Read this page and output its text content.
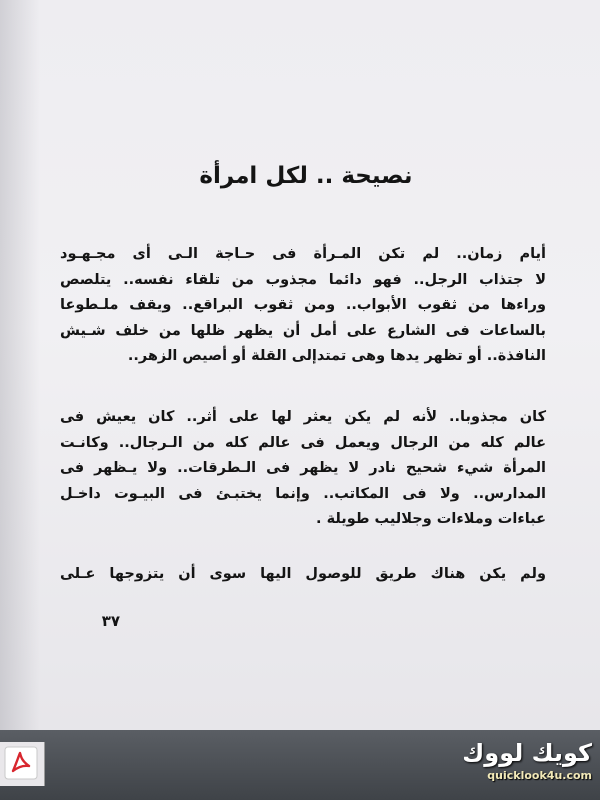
نصيحة .. لكل امرأة

أيام زمان.. لم تكن المـرأة فى حـاجة الـى أى مجـهـود
لا جتذاب الرجل.. فهو دائما مجذوب من تلقاء نفسه.. يتلصص
وراءها من ثقوب الأبواب.. ومن ثقوب البراقع.. ويقف ملـطوعا
بالساعات فى الشارع على أمل أن يظهر ظلها من خلف شـيش
النافذة.. أو تظهر يدها وهى تمتدإلى القلة أو أصيص الزهر..

كان مجذوبا.. لأنه لم يكن يعثر لها على أثر.. كان يعيش فى
عالم كله من الرجال ويعمل فى عالم كله من الـرجال.. وكانـت
المرأة شيء شحيح نادر لا يظهر فى الـطرقات.. ولا يـظهر فى
المدارس.. ولا فى المكاتب.. وإنما يختبـئ فى البيـوت داخـل
عباءات وملاءات وجلاليب طويلة .

ولم يكن هناك طريق للوصول اليها سوى أن يتزوجها عـلى

٣٧

كويك لووك
quicklook4u.com
